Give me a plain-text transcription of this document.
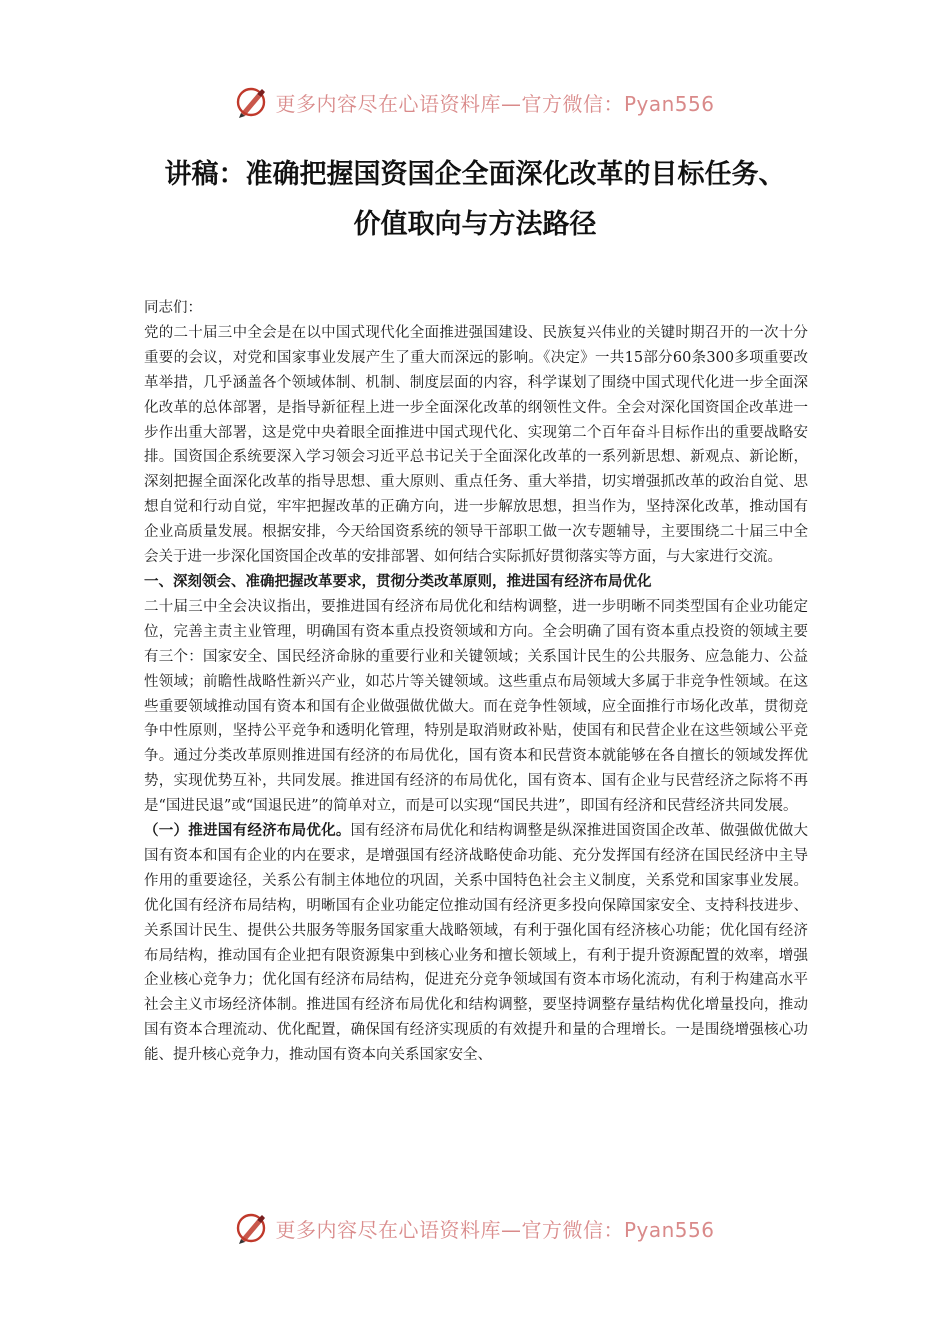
更多内容尽在心语资料库—官方微信：Pyan556
讲稿：准确把握国资国企全面深化改革的目标任务、
价值取向与方法路径

同志们：

党的二十届三中全会是在以中国式现代化全面推进强国建设、民族复兴伟业的关键时期召开的一次十分重要的会议，对党和国家事业发展产生了重大而深远的影响。《决定》一共15部分60条300多项重要改革举措，几乎涵盖各个领域体制、机制、制度层面的内容，科学谋划了围绕中国式现代化进一步全面深化改革的总体部署，是指导新征程上进一步全面深化改革的纲领性文件。全会对深化国资国企改革进一步作出重大部署，这是党中央着眼全面推进中国式现代化、实现第二个百年奋斗目标作出的重要战略安排。国资国企系统要深入学习领会习近平总书记关于全面深化改革的一系列新思想、新观点、新论断，深刻把握全面深化改革的指导思想、重大原则、重点任务、重大举措，切实增强抓改革的政治自觉、思想自觉和行动自觉，牢牢把握改革的正确方向，进一步解放思想，担当作为，坚持深化改革，推动国有企业高质量发展。根据安排，今天给国资系统的领导干部职工做一次专题辅导，主要围绕二十届三中全会关于进一步深化国资国企改革的安排部署、如何结合实际抓好贯彻落实等方面，与大家进行交流。

一、深刻领会、准确把握改革要求，贯彻分类改革原则，推进国有经济布局优化

二十届三中全会决议指出，要推进国有经济布局优化和结构调整，进一步明晰不同类型国有企业功能定位，完善主责主业管理，明确国有资本重点投资领域和方向。全会明确了国有资本重点投资的领域主要有三个：国家安全、国民经济命脉的重要行业和关键领域；关系国计民生的公共服务、应急能力、公益性领域；前瞻性战略性新兴产业，如芯片等关键领域。这些重点布局领域大多属于非竞争性领域。在这些重要领域推动国有资本和国有企业做强做优做大。而在竞争性领域，应全面推行市场化改革，贯彻竞争中性原则，坚持公平竞争和透明化管理，特别是取消财政补贴，使国有和民营企业在这些领域公平竞争。通过分类改革原则推进国有经济的布局优化，国有资本和民营资本就能够在各自擅长的领域发挥优势，实现优势互补，共同发展。推进国有经济的布局优化，国有资本、国有企业与民营经济之际将不再是“国进民退”或“国退民进”的简单对立，而是可以实现“国民共进”，即国有经济和民营经济共同发展。

（一）推进国有经济布局优化。国有经济布局优化和结构调整是纵深推进国资国企改革、做强做优做大国有资本和国有企业的内在要求，是增强国有经济战略使命功能、充分发挥国有经济在国民经济中主导作用的重要途径，关系公有制主体地位的巩固，关系中国特色社会主义制度，关系党和国家事业发展。优化国有经济布局结构，明晰国有企业功能定位推动国有经济更多投向保障国家安全、支持科技进步、关系国计民生、提供公共服务等服务国家重大战略领域，有利于强化国有经济核心功能；优化国有经济布局结构，推动国有企业把有限资源集中到核心业务和擅长领域上，有利于提升资源配置的效率，增强企业核心竞争力；优化国有经济布局结构，促进充分竞争领域国有资本市场化流动，有利于构建高水平社会主义市场经济体制。推进国有经济布局优化和结构调整，要坚持调整存量结构优化增量投向，推动国有资本合理流动、优化配置，确保国有经济实现质的有效提升和量的合理增长。一是围绕增强核心功能、提升核心竞争力，推动国有资本向关系国家安全、

更多内容尽在心语资料库—官方微信：Pyan556
